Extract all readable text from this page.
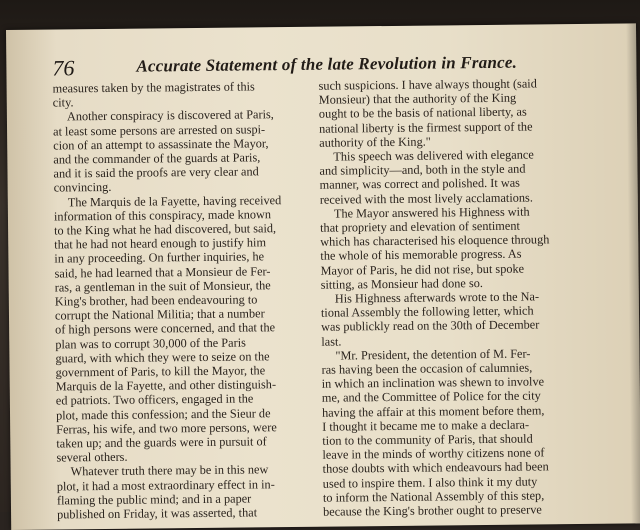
76	Accurate Statement of the late Revolution in France.
measures taken by the magistrates of this
city.
Another conspiracy is discovered at Paris,
at least some persons are arrested on suspi-
cion of an attempt to assassinate the Mayor,
and the commander of the guards at Paris,
and it is said the proofs are very clear and
convincing.
The Marquis de la Fayette, having received
information of this conspiracy, made known
to the King what he had discovered, but said,
that he had not heard enough to justify him
in any proceeding. On further inquiries, he
said, he had learned that a Monsieur de Fer-
ras, a gentleman in the suit of Monsieur, the
King's brother, had been endeavouring to
corrupt the National Militia; that a number
of high persons were concerned, and that the
plan was to corrupt 30,000 of the Paris
guard, with which they were to seize on the
government of Paris, to kill the Mayor, the
Marquis de la Fayette, and other distinguish-
ed patriots. Two officers, engaged in the
plot, made this confession; and the Sieur de
Ferras, his wife, and two more persons, were
taken up; and the guards were in pursuit of
several others.
Whatever truth there may be in this new
plot, it had a most extraordinary effect in in-
flaming the public mind; and in a paper
published on Friday, it was asserted, that
such suspicions. I have always thought (said
Monsieur) that the authority of the King
ought to be the basis of national liberty, as
national liberty is the firmest support of the
authority of the King."
This speech was delivered with elegance
and simplicity—and, both in the style and
manner, was correct and polished. It was
received with the most lively acclamations.
The Mayor answered his Highness with
that propriety and elevation of sentiment
which has characterised his eloquence through
the whole of his memorable progress. As
Mayor of Paris, he did not rise, but spoke
sitting, as Monsieur had done so.
His Highness afterwards wrote to the Na-
tional Assembly the following letter, which
was publickly read on the 30th of December
last.
"Mr. President, the detention of M. Fer-
ras having been the occasion of calumnies,
in which an inclination was shewn to involve
me, and the Committee of Police for the city
having the affair at this moment before them,
I thought it became me to make a declara-
tion to the community of Paris, that should
leave in the minds of worthy citizens none of
those doubts with which endeavours had been
used to inspire them. I also think it my duty
to inform the National Assembly of this step,
because the King's brother ought to preserve
